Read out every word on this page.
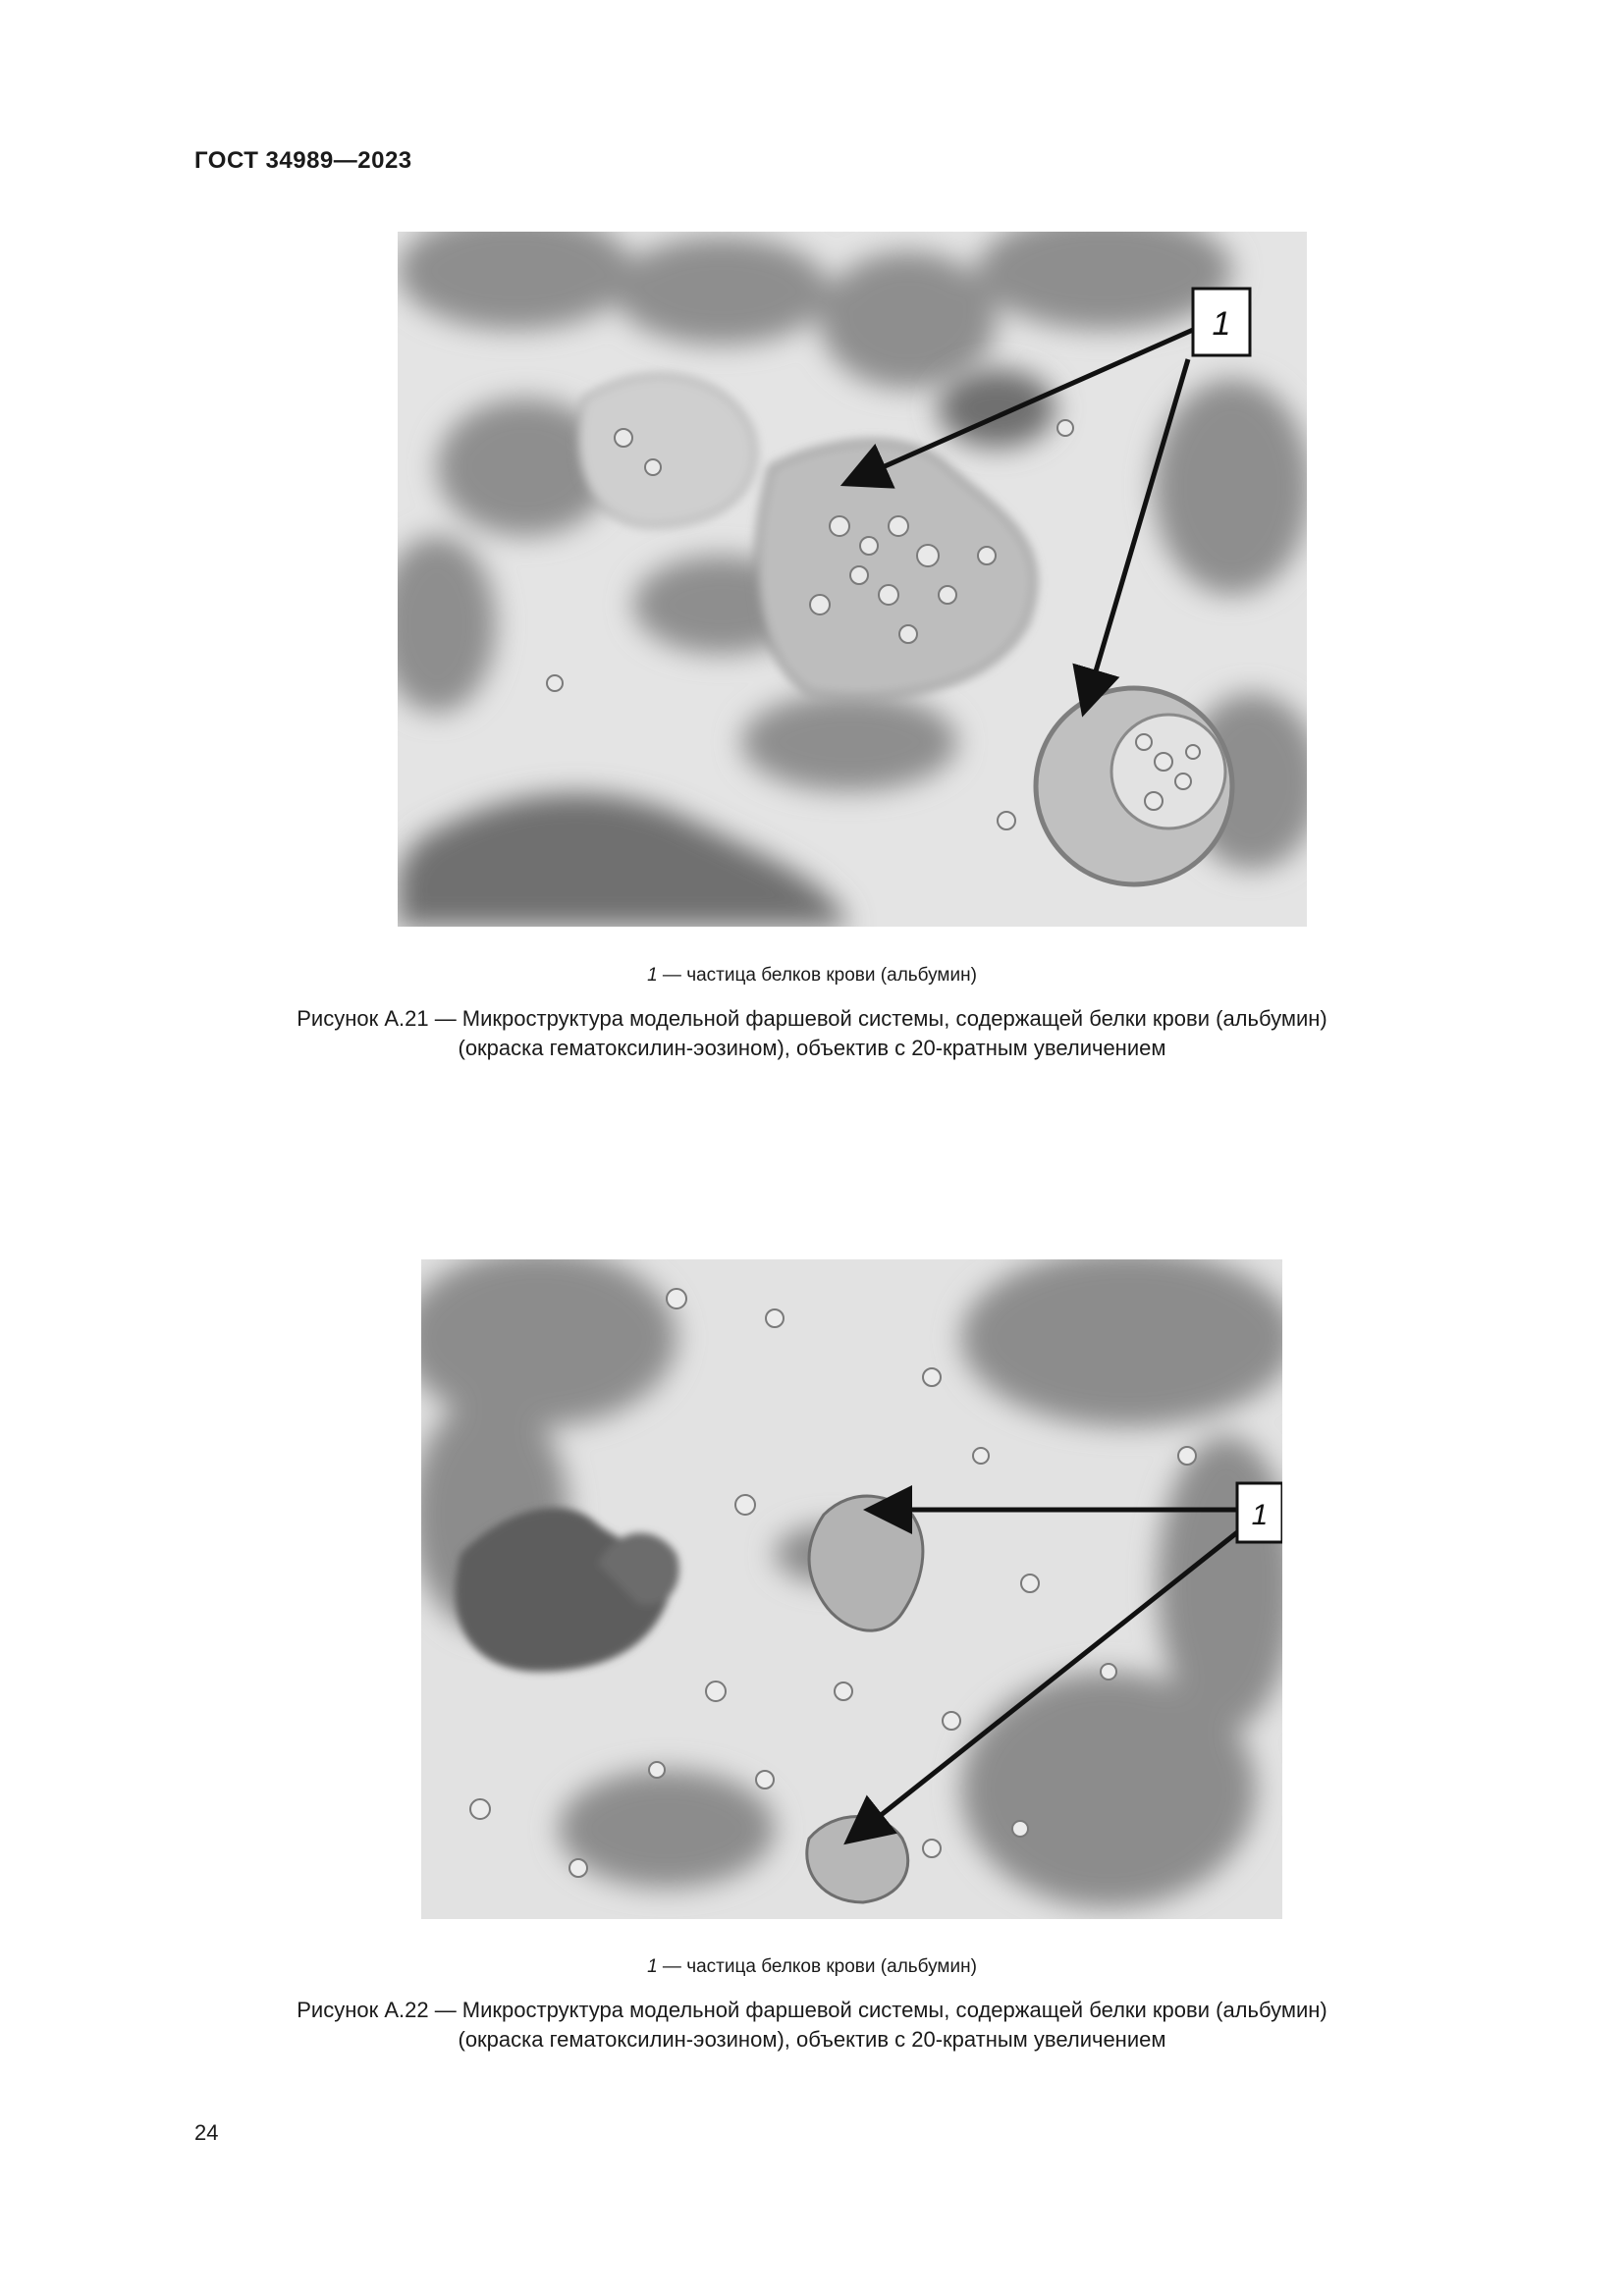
ГОСТ 34989—2023
1
1 — частица белков крови (альбумин)
Рисунок А.21 — Микроструктура модельной фаршевой системы, содержащей белки крови (альбумин)
(окраска гематоксилин-эозином), объектив с 20-кратным увеличением
1
1 — частица белков крови (альбумин)
Рисунок А.22 — Микроструктура модельной фаршевой системы, содержащей белки крови (альбумин)
(окраска гематоксилин-эозином), объектив с 20-кратным увеличением
24
